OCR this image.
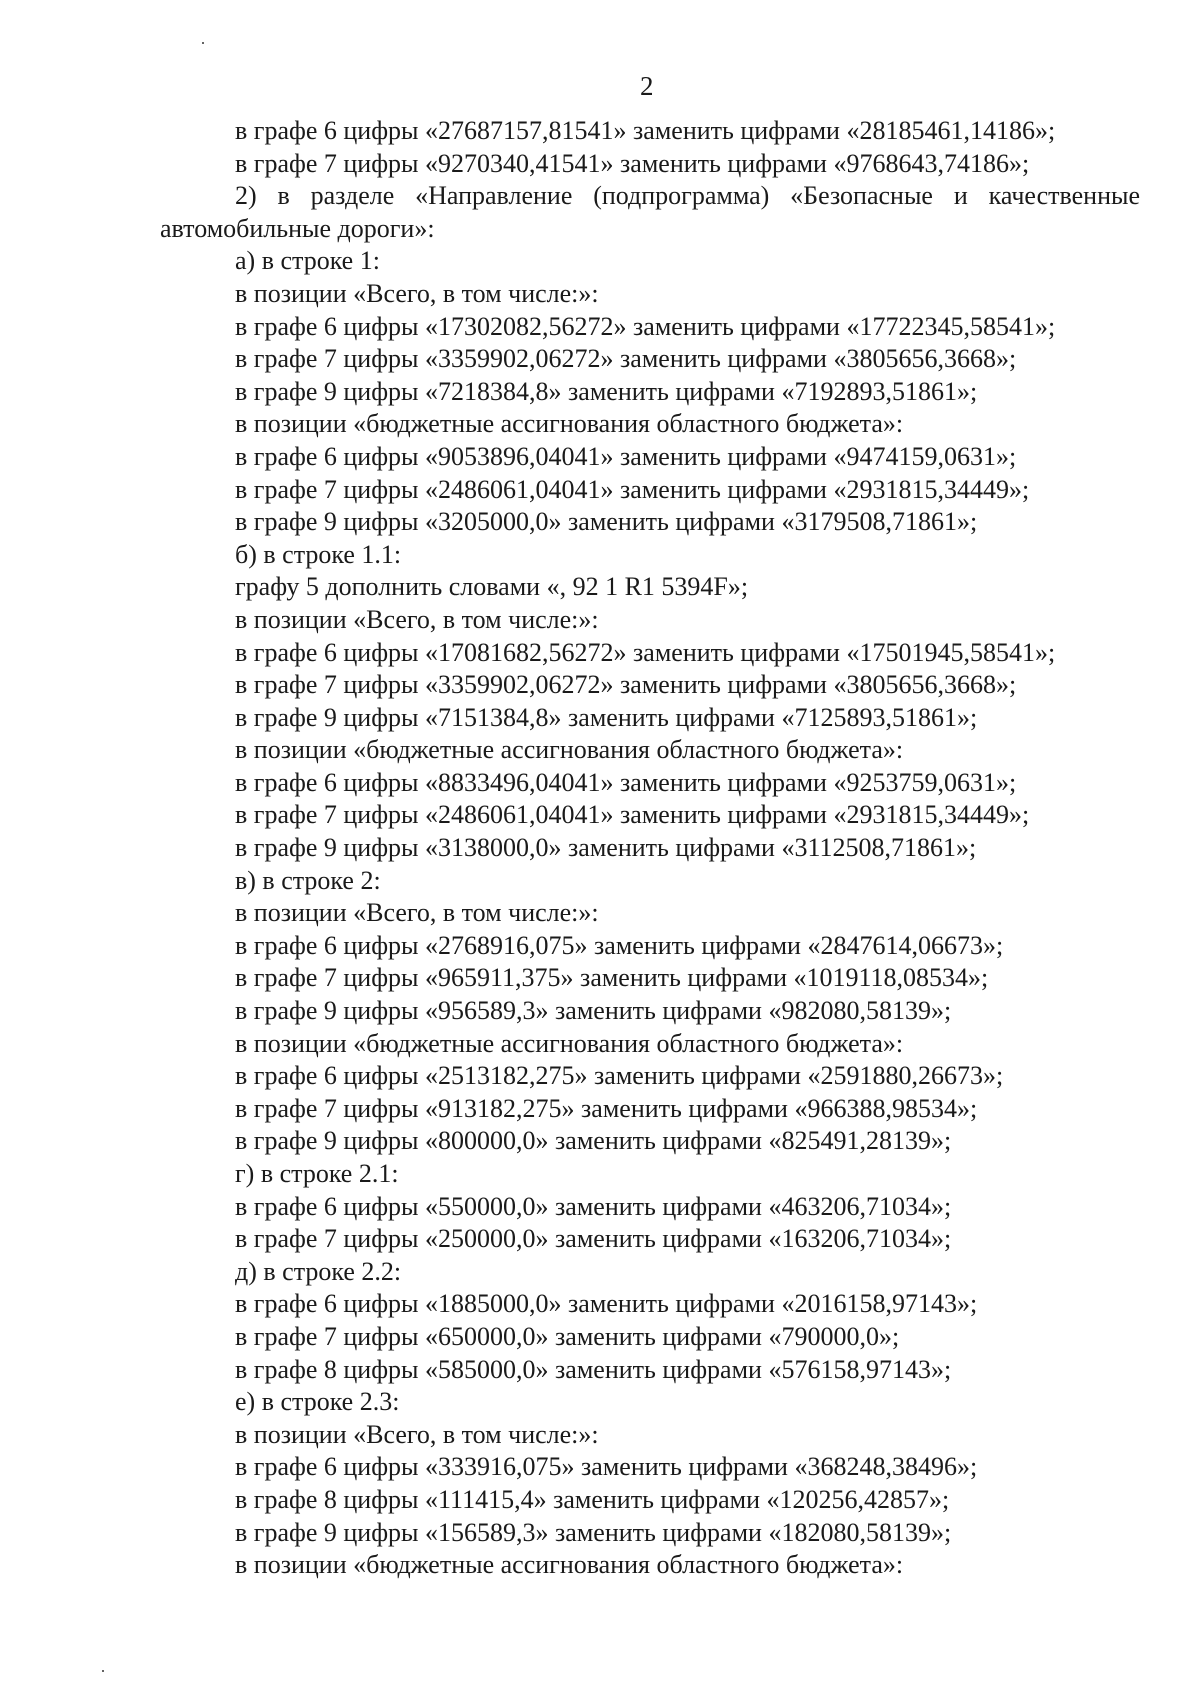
2
в графе 6 цифры «27687157,81541» заменить цифрами «28185461,14186»;
в графе 7 цифры «9270340,41541» заменить цифрами «9768643,74186»;
2) в разделе «Направление (подпрограмма) «Безопасные и качественные
автомобильные дороги»:
а) в строке 1:
в позиции «Всего, в том числе:»:
в графе 6 цифры «17302082,56272» заменить цифрами «17722345,58541»;
в графе 7 цифры «3359902,06272» заменить цифрами «3805656,3668»;
в графе 9 цифры «7218384,8» заменить цифрами «7192893,51861»;
в позиции «бюджетные ассигнования областного бюджета»:
в графе 6 цифры «9053896,04041» заменить цифрами «9474159,0631»;
в графе 7 цифры «2486061,04041» заменить цифрами «2931815,34449»;
в графе 9 цифры «3205000,0» заменить цифрами «3179508,71861»;
б) в строке 1.1:
графу 5 дополнить словами «, 92 1 R1 5394F»;
в позиции «Всего, в том числе:»:
в графе 6 цифры «17081682,56272» заменить цифрами «17501945,58541»;
в графе 7 цифры «3359902,06272» заменить цифрами «3805656,3668»;
в графе 9 цифры «7151384,8» заменить цифрами «7125893,51861»;
в позиции «бюджетные ассигнования областного бюджета»:
в графе 6 цифры «8833496,04041» заменить цифрами «9253759,0631»;
в графе 7 цифры «2486061,04041» заменить цифрами «2931815,34449»;
в графе 9 цифры «3138000,0» заменить цифрами «3112508,71861»;
в) в строке 2:
в позиции «Всего, в том числе:»:
в графе 6 цифры «2768916,075» заменить цифрами «2847614,06673»;
в графе 7 цифры «965911,375» заменить цифрами «1019118,08534»;
в графе 9 цифры «956589,3» заменить цифрами «982080,58139»;
в позиции «бюджетные ассигнования областного бюджета»:
в графе 6 цифры «2513182,275» заменить цифрами «2591880,26673»;
в графе 7 цифры «913182,275» заменить цифрами «966388,98534»;
в графе 9 цифры «800000,0» заменить цифрами «825491,28139»;
г) в строке 2.1:
в графе 6 цифры «550000,0» заменить цифрами «463206,71034»;
в графе 7 цифры «250000,0» заменить цифрами «163206,71034»;
д) в строке 2.2:
в графе 6 цифры «1885000,0» заменить цифрами «2016158,97143»;
в графе 7 цифры «650000,0» заменить цифрами «790000,0»;
в графе 8 цифры «585000,0» заменить цифрами «576158,97143»;
е) в строке 2.3:
в позиции «Всего, в том числе:»:
в графе 6 цифры «333916,075» заменить цифрами «368248,38496»;
в графе 8 цифры «111415,4» заменить цифрами «120256,42857»;
в графе 9 цифры «156589,3» заменить цифрами «182080,58139»;
в позиции «бюджетные ассигнования областного бюджета»:
